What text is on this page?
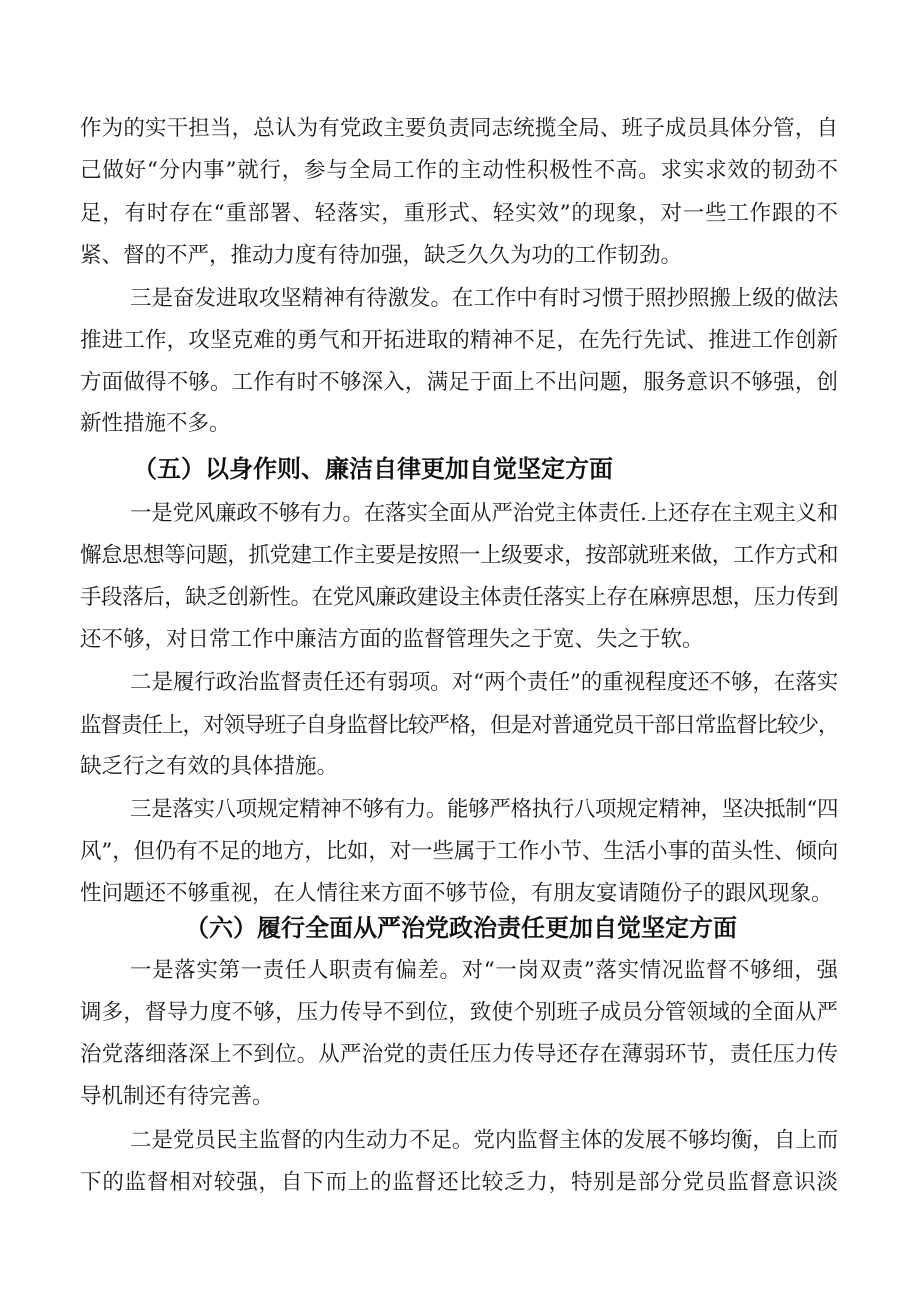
作为的实干担当，总认为有党政主要负责同志统揽全局、班子成员具体分管，自
己做好“分内事”就行，参与全局工作的主动性积极性不高。求实求效的韧劲不
足，有时存在“重部署、轻落实，重形式、轻实效”的现象，对一些工作跟的不
紧、督的不严，推动力度有待加强，缺乏久久为功的工作韧劲。
三是奋发进取攻坚精神有待激发。在工作中有时习惯于照抄照搬上级的做法
推进工作，攻坚克难的勇气和开拓进取的精神不足，在先行先试、推进工作创新
方面做得不够。工作有时不够深入，满足于面上不出问题，服务意识不够强，创
新性措施不多。
（五）以身作则、廉洁自律更加自觉坚定方面
一是党风廉政不够有力。在落实全面从严治党主体责任.上还存在主观主义和
懈怠思想等问题，抓党建工作主要是按照一上级要求，按部就班来做，工作方式和
手段落后，缺乏创新性。在党风廉政建设主体责任落实上存在麻痹思想，压力传到
还不够，对日常工作中廉洁方面的监督管理失之于宽、失之于软。
二是履行政治监督责任还有弱项。对“两个责任”的重视程度还不够，在落实
监督责任上，对领导班子自身监督比较严格，但是对普通党员干部日常监督比较少，
缺乏行之有效的具体措施。
三是落实八项规定精神不够有力。能够严格执行八项规定精神，坚决抵制“四
风”，但仍有不足的地方，比如，对一些属于工作小节、生活小事的苗头性、倾向
性问题还不够重视，在人情往来方面不够节俭，有朋友宴请随份子的跟风现象。
（六）履行全面从严治党政治责任更加自觉坚定方面
一是落实第一责任人职责有偏差。对“一岗双责”落实情况监督不够细，强
调多，督导力度不够，压力传导不到位，致使个别班子成员分管领域的全面从严
治党落细落深上不到位。从严治党的责任压力传导还存在薄弱环节，责任压力传
导机制还有待完善。
二是党员民主监督的内生动力不足。党内监督主体的发展不够均衡，自上而
下的监督相对较强，自下而上的监督还比较乏力，特别是部分党员监督意识淡
